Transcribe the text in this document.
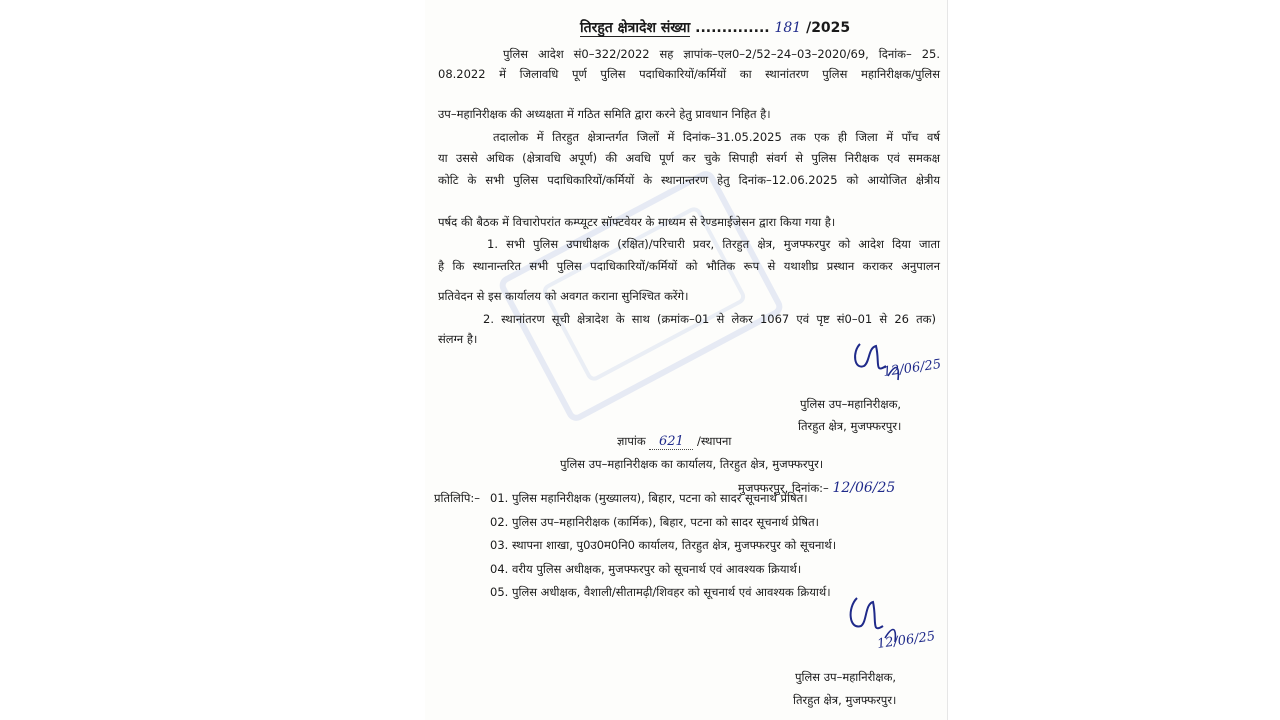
तिरहुत क्षेत्रादेश संख्या .............. 181 /2025
पुलिस आदेश सं0–322/2022 सह ज्ञापांक–एल0–2/52–24–03–2020/69, दिनांक– 25.
08.2022 में जिलावधि पूर्ण पुलिस पदाधिकारियों/कर्मियों का स्थानांतरण पुलिस महानिरीक्षक/पुलिस
उप–महानिरीक्षक की अध्यक्षता में गठित समिति द्वारा करने हेतु प्रावधान निहित है।
तदालोक में तिरहुत क्षेत्रान्तर्गत जिलों में दिनांक–31.05.2025 तक एक ही जिला में पाँच वर्ष
या उससे अधिक (क्षेत्रावधि अपूर्ण) की अवधि पूर्ण कर चुके सिपाही संवर्ग से पुलिस निरीक्षक एवं समकक्ष
कोटि के सभी पुलिस पदाधिकारियों/कर्मियों के स्थानान्तरण हेतु दिनांक–12.06.2025 को आयोजित क्षेत्रीय
पर्षद की बैठक में विचारोपरांत कम्प्यूटर सॉफ्टवेयर के माध्यम से रेण्डमाईजेसन द्वारा किया गया है।
1. सभी पुलिस उपाधीक्षक (रक्षित)/परिचारी प्रवर, तिरहुत क्षेत्र, मुजफ्फरपुर को आदेश दिया जाता
है कि स्थानान्तरित सभी पुलिस पदाधिकारियों/कर्मियों को भौतिक रूप से यथाशीघ्र प्रस्थान कराकर अनुपालन
प्रतिवेदन से इस कार्यालय को अवगत कराना सुनिश्चित करेंगे।
2. स्थानांतरण सूची क्षेत्रादेश के साथ (क्रमांक–01 से लेकर 1067 एवं पृष्ट सं0–01 से 26 तक)
संलग्न है।
12/06/25
पुलिस उप–महानिरीक्षक,
तिरहुत क्षेत्र, मुजफ्फरपुर।
ज्ञापांक 621 /स्थापना
पुलिस उप–महानिरीक्षक का कार्यालय, तिरहुत क्षेत्र, मुजफ्फरपुर।
मुजफ्फरपुर, दिनांक:– 12/06/25
प्रतिलिपि:– 01. पुलिस महानिरीक्षक (मुख्यालय), बिहार, पटना को सादर सूचनार्थ प्रेषित।
02. पुलिस उप–महानिरीक्षक (कार्मिक), बिहार, पटना को सादर सूचनार्थ प्रेषित।
03. स्थापना शाखा, पु0उ0म0नि0 कार्यालय, तिरहुत क्षेत्र, मुजफ्फरपुर को सूचनार्थ।
04. वरीय पुलिस अधीक्षक, मुजफ्फरपुर को सूचनार्थ एवं आवश्यक क्रियार्थ।
05. पुलिस अधीक्षक, वैशाली/सीतामढ़ी/शिवहर को सूचनार्थ एवं आवश्यक क्रियार्थ।
12/06/25
पुलिस उप–महानिरीक्षक,
तिरहुत क्षेत्र, मुजफ्फरपुर।
